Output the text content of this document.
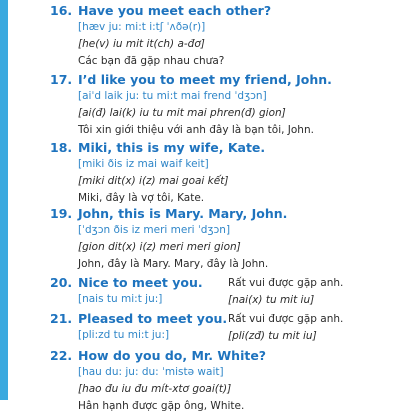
16. Have you meet each other?
[hæv ju: mi:t i:tʃ ˈʌðə(r)]
[he(v) iu mit it(ch) a-đơ]
Các bạn đã gặp nhau chưa?
17. I’d like you to meet my friend, John.
[aiˈd laik ju: tu mi:t mai frend ˈdʒɔn]
[ai(đ) lai(k) iu tu mit mai phren(đ) gion]
Tôi xin giới thiệu với anh đây là bạn tôi, John.
18. Miki, this is my wife, Kate.
[miki ðis iz mai waif keit]
[miki dit(x) i(z) mai goai kết]
Miki, đây là vợ tôi, Kate.
19. John, this is Mary. Mary, John.
[ˈdʒɔn ðis iz meri meri ˈdʒɔn]
[gion dit(x) i(z) meri meri gion]
John, đây là Mary. Mary, đây là John.
20. Nice to meet you.
[nais tu mi:t ju:]
Rất vui được gặp anh.
[nai(x) tu mit iu]
21. Pleased to meet you.
[pli:zd tu mi:t ju:]
Rất vui được gặp anh.
[pli(zđ) tu mit iu]
22. How do you do, Mr. White?
[hau du: ju: du: ˈmistə wait]
[hao đu iu đu mít-xtơ goai(t)]
Hân hạnh được gặp ông, White.
